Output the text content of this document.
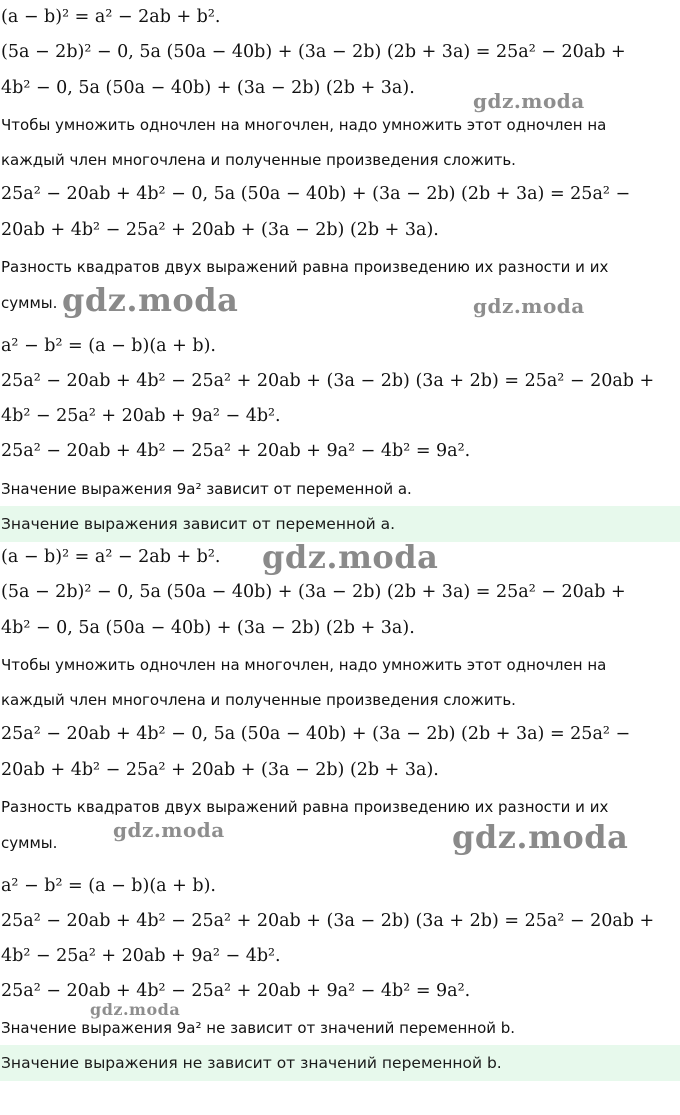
(a − b)² = a² − 2ab + b².
(5a − 2b)² − 0, 5a (50a − 40b) + (3a − 2b) (2b + 3a) = 25a² − 20ab +
4b² − 0, 5a (50a − 40b) + (3a − 2b) (2b + 3a).
Чтобы умножить одночлен на многочлен, надо умножить этот одночлен на
каждый член многочлена и полученные произведения сложить.
25a² − 20ab + 4b² − 0, 5a (50a − 40b) + (3a − 2b) (2b + 3a) = 25a² −
20ab + 4b² − 25a² + 20ab + (3a − 2b) (2b + 3a).
Разность квадратов двух выражений равна произведению их разности и их
суммы.
a² − b² = (a − b)(a + b).
25a² − 20ab + 4b² − 25a² + 20ab + (3a − 2b) (3a + 2b) = 25a² − 20ab +
4b² − 25a² + 20ab + 9a² − 4b².
25a² − 20ab + 4b² − 25a² + 20ab + 9a² − 4b² = 9a².
Значение выражения 9a² зависит от переменной a.
Значение выражения зависит от переменной a.
(a − b)² = a² − 2ab + b².
(5a − 2b)² − 0, 5a (50a − 40b) + (3a − 2b) (2b + 3a) = 25a² − 20ab +
4b² − 0, 5a (50a − 40b) + (3a − 2b) (2b + 3a).
Чтобы умножить одночлен на многочлен, надо умножить этот одночлен на
каждый член многочлена и полученные произведения сложить.
25a² − 20ab + 4b² − 0, 5a (50a − 40b) + (3a − 2b) (2b + 3a) = 25a² −
20ab + 4b² − 25a² + 20ab + (3a − 2b) (2b + 3a).
Разность квадратов двух выражений равна произведению их разности и их
суммы.
a² − b² = (a − b)(a + b).
25a² − 20ab + 4b² − 25a² + 20ab + (3a − 2b) (3a + 2b) = 25a² − 20ab +
4b² − 25a² + 20ab + 9a² − 4b².
25a² − 20ab + 4b² − 25a² + 20ab + 9a² − 4b² = 9a².
Значение выражения 9a² не зависит от значений переменной b.
Значение выражения не зависит от значений переменной b.
gdz.moda
gdz.moda	gdz.moda
gdz.moda
gdz.moda	gdz.moda
gdz.moda
